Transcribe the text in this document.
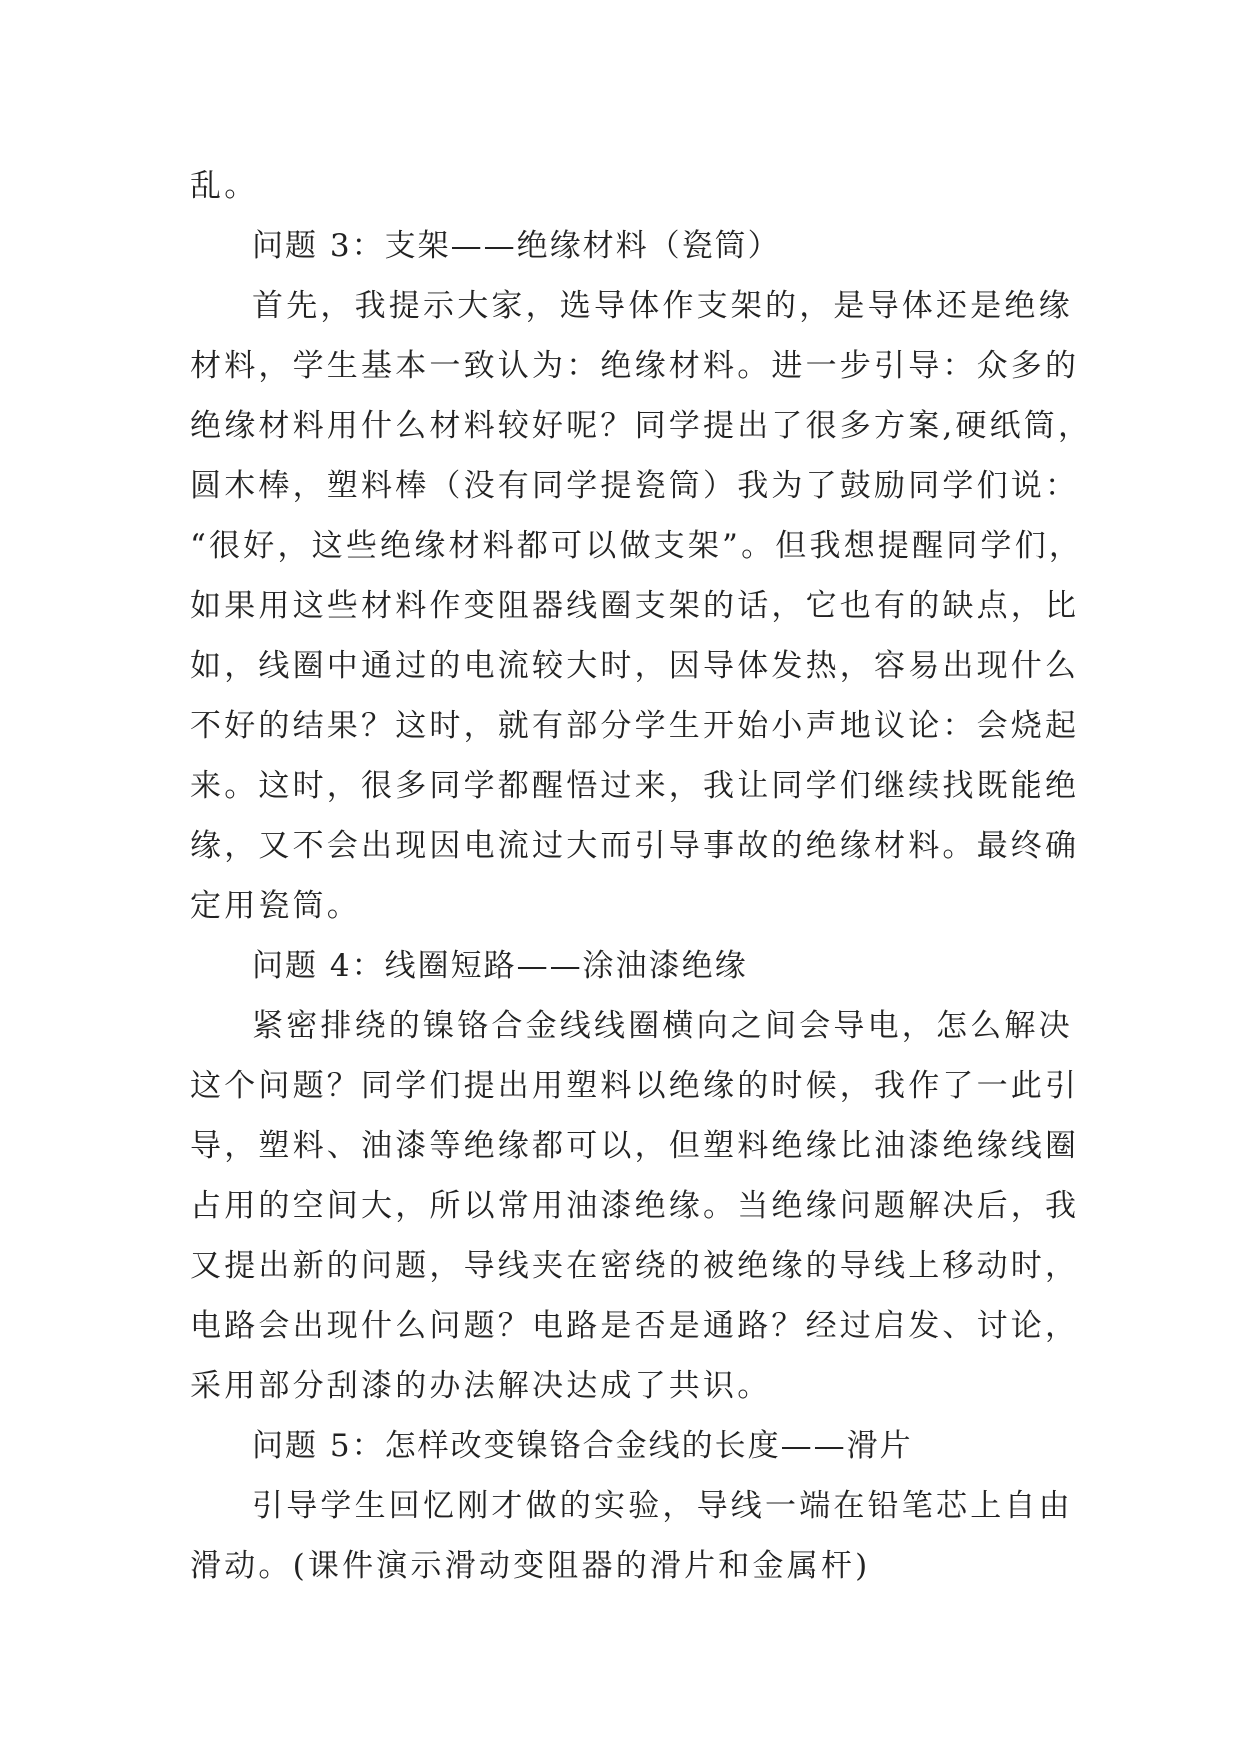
乱。

问题 3：支架——绝缘材料（瓷筒）

首先，我提示大家，选导体作支架的，是导体还是绝缘

材料，学生基本一致认为：绝缘材料。进一步引导：众多的

绝缘材料用什么材料较好呢？同学提出了很多方案,硬纸筒，

圆木棒，塑料棒（没有同学提瓷筒）我为了鼓励同学们说：

“很好，这些绝缘材料都可以做支架”。但我想提醒同学们，

如果用这些材料作变阻器线圈支架的话，它也有的缺点，比

如，线圈中通过的电流较大时，因导体发热，容易出现什么

不好的结果？这时，就有部分学生开始小声地议论：会烧起

来。这时，很多同学都醒悟过来，我让同学们继续找既能绝

缘，又不会出现因电流过大而引导事故的绝缘材料。最终确

定用瓷筒。

问题 4：线圈短路——涂油漆绝缘

紧密排绕的镍铬合金线线圈横向之间会导电，怎么解决

这个问题？同学们提出用塑料以绝缘的时候，我作了一此引

导，塑料、油漆等绝缘都可以，但塑料绝缘比油漆绝缘线圈

占用的空间大，所以常用油漆绝缘。当绝缘问题解决后，我

又提出新的问题，导线夹在密绕的被绝缘的导线上移动时，

电路会出现什么问题？电路是否是通路？经过启发、讨论，

采用部分刮漆的办法解决达成了共识。

问题 5：怎样改变镍铬合金线的长度——滑片

引导学生回忆刚才做的实验，导线一端在铅笔芯上自由

滑动。(课件演示滑动变阻器的滑片和金属杆)
